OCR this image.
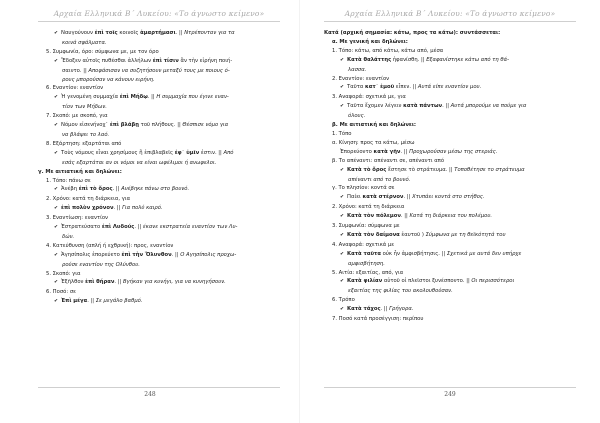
Αρχαία Ελληνικά Β΄ Λυκείου: «Το άγνωστο κείμενο»
✔ Ναυγούνουν ἐπὶ τοῖς κοινοῖς ἁμαρτήμασι. || Ντρέπονταν για τα
κοινά σφάλματα.
5. Συμφωνία, όρο: σύμφωνα με, με τον όρο
✔ Ἔδοξεν αὐτοῖς πυθέσθαι ἀλλήλων ἐπὶ τίσιν ἂν τὴν εἰρήνη ποιή-
σαιντο. || Αποφάσισαν να συζητήσουν μεταξύ τους με ποιους ό-
ρους μπορούσαν να κάνουν ειρήνη.
6. Εναντίον: εναντίον
✔ Ἡ γενομένη συμμαχία ἐπὶ Μήδῳ. || Η συμμαχία που έγινε εναν-
τίον των Μήδων.
7. Σκοπό: με σκοπό, για
✔ Νόμον εἰσενήνοχ᾽ ἐπὶ βλάβῃ τοῦ πλήθους. || Θέσπισε νόμο για
να βλάψει το λαό.
8. Εξάρτηση: εξαρτάται από
✔ Τοὺς νόμους εἶναι χρησίμους ἢ ἐπιβλαβεῖς ἐφ᾽ ὑμῖν ἐστιν. || Από
εσάς εξαρτάται αν οι νόμοι να είναι ωφέλιμοι ή ανωφελοι.
γ. Με αιτιατική και δηλώνει:
1. Τόπο: πάνω σε
✔ Ἀνέβη ἐπὶ τὸ ὄρος. || Ανέβηκε πάνω στο βουνό.
2. Χρόνο: κατά τη διάρκεια, για
✔ ἐπὶ πολὺν χρόνον. || Για πολύ καιρό.
3. Εναντίωση: εναντίον
✔ Ἐστρατεύσατο ἐπὶ Λυδούς. || έκανε εκστρατεία εναντίον των Λυ-
δών.
4. Κατεύθυνση (απλή ή εχθρική): προς, εναντίον
✔ Ἀγησίπολις ἐπορεύετο ἐπὶ τὴν Ὄλυνθον. || Ο Αγησίπολις προχω-
ρούσε εναντίον της Ολύνθου.
5. Σκοπό: για
✔ Ἐξῆλθον ἐπὶ θήραν. || Βγήκαν για κυνήγι, για να κυνηγήσουν.
6. Ποσό: σε
✔ Ἐπὶ μέγα. || Σε μεγάλο βαθμό.
248
Αρχαία Ελληνικά Β΄ Λυκείου: «Το άγνωστο κείμενο»
Κατά (αρχική σημασία: κάτω, προς τα κάτω): συντάσσεται:
α. Με γενική και δηλώνει:
1. Τόπο: κάτω, από κάτω, κάτω από, μέσα
✔ Κατὰ θαλάττης ἠφανίσθη. || Εξαφανίστηκε κάτω από τη θά-
λασσα.
2. Εναντίον: εναντίον
✔ Ταῦτα κατ᾽ ἐμοῦ εἶπεν. || Αυτά είπε εναντίον μου.
3. Αναφορά: σχετικά με, για
✔ Ταῦτα ἔχομεν λέγειν κατὰ πάντων. || Αυτά μπορούμε να πούμε για
όλους.
β. Με αιτιατική και δηλώνει:
1. Τόπο
α. Κίνηση: προς τα κάτω, μέσω
Ἐπορεύοντο κατὰ γῆν. || Προχωρούσαν μέσω της στεριάς.
β. Το απέναντι: απέναντι σε, απέναντι από
✔ Κατὰ τὸ ὄρος ἔστησε τὸ στράτευμα. || Τοποθέτησε το στράτευμα
απέναντι από το βουνό.
γ. Το πλησίον: κοντά σε
✔ Παίει κατὰ στέρνον. || Χτυπάει κοντά στο στήθος.
2. Χρόνο: κατά τη διάρκεια
✔ Κατὰ τὸν πόλεμον. || Κατά τη διάρκεια του πολέμου.
3. Συμφωνία: σύμφωνα με
✔ Κατὰ τὸν δαίμονα ἑαυτοῦ ) Σύμφωνα με τη θεϊκότητά του
4. Αναφορά: σχετικά με
✔ Κατὰ ταῦτα οὐκ ἦν ἀμφισβήτησις. || Σχετικά με αυτά δεν υπήρχε
αμφισβήτηση.
5. Αιτία: εξαιτίας, από, για
✔ Κατὰ φιλίαν αὐτοῦ οἱ πλεῖστοι ξυνέσποντο. || Οι περισσότεροι
εξαιτίας της φιλίας του ακολουθούσαν.
6. Τρόπο
✔ Κατὰ τάχος. || Γρήγορα.
7. Ποσό κατά προσέγγιση: περίπου
249
